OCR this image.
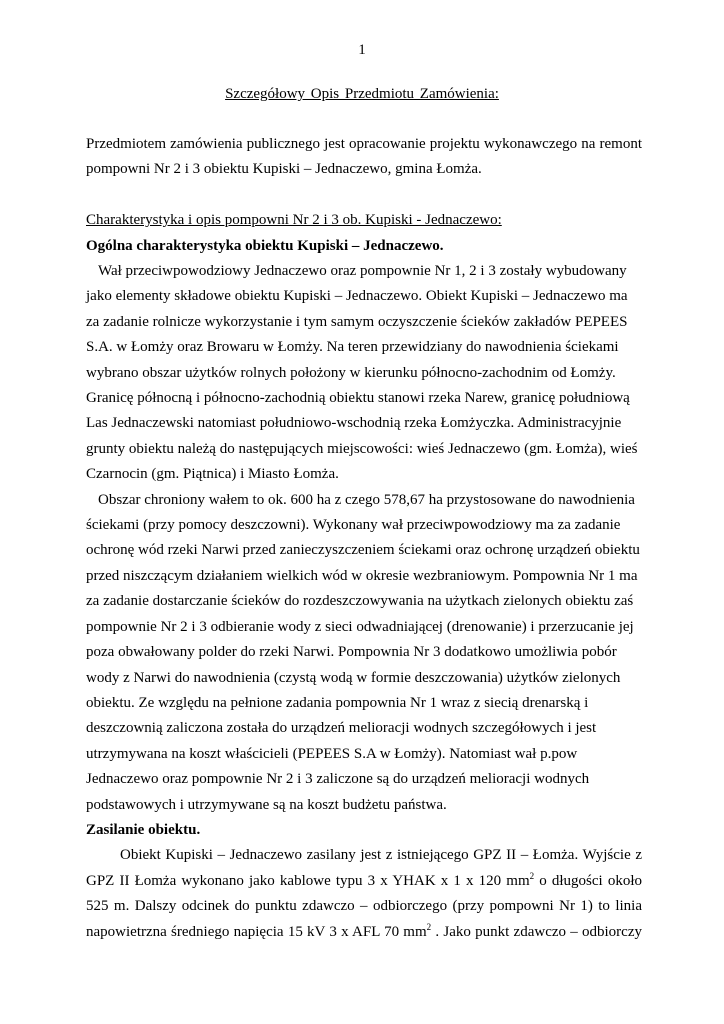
1
Szczegółowy Opis Przedmiotu Zamówienia:

Przedmiotem zamówienia publicznego jest opracowanie projektu wykonawczego na remont pompowni Nr 2 i 3 obiektu Kupiski – Jednaczewo, gmina Łomża.

Charakterystyka i opis pompowni Nr 2 i 3 ob. Kupiski - Jednaczewo:

Ogólna charakterystyka obiektu Kupiski – Jednaczewo.

Wał przeciwpowodziowy Jednaczewo oraz pompownie Nr 1, 2 i 3 zostały wybudowany jako elementy składowe obiektu Kupiski – Jednaczewo. Obiekt Kupiski – Jednaczewo ma za zadanie rolnicze wykorzystanie i tym samym oczyszczenie ścieków zakładów PEPEES S.A. w Łomży oraz Browaru w Łomży. Na teren przewidziany do nawodnienia ściekami wybrano obszar użytków rolnych położony w kierunku północno-zachodnim od Łomży. Granicę północną i północno-zachodnią obiektu stanowi rzeka Narew, granicę południową Las Jednaczewski natomiast południowo-wschodnią rzeka Łomżyczka. Administracyjnie grunty obiektu należą do następujących miejscowości: wieś Jednaczewo (gm. Łomża), wieś Czarnocin (gm. Piątnica) i Miasto Łomża.

Obszar chroniony wałem to ok. 600 ha z czego 578,67 ha przystosowane do nawodnienia ściekami (przy pomocy deszczowni). Wykonany wał przeciwpowodziowy ma za zadanie ochronę wód rzeki Narwi przed zanieczyszczeniem ściekami oraz ochronę urządzeń obiektu przed niszczącym działaniem wielkich wód w okresie wezbraniowym. Pompownia Nr 1 ma za zadanie dostarczanie ścieków do rozdeszczowywania na użytkach zielonych obiektu zaś pompownie Nr 2 i 3 odbieranie wody z sieci odwadniającej (drenowanie) i przerzucanie jej poza obwałowany polder do rzeki Narwi. Pompownia Nr 3 dodatkowo umożliwia pobór wody z Narwi do nawodnienia (czystą wodą w formie deszczowania) użytków zielonych obiektu. Ze względu na pełnione zadania pompownia Nr 1 wraz z siecią drenarską i deszczownią zaliczona została do urządzeń melioracji wodnych szczegółowych i jest utrzymywana na koszt właścicieli (PEPEES S.A w Łomży). Natomiast wał p.pow Jednaczewo oraz pompownie Nr 2 i 3 zaliczone są do urządzeń melioracji wodnych podstawowych i utrzymywane są na koszt budżetu państwa.

Zasilanie obiektu.

Obiekt Kupiski – Jednaczewo zasilany jest z istniejącego GPZ II – Łomża. Wyjście z GPZ II Łomża wykonano jako kablowe typu 3 x YHAK x 1 x 120 $mm^2$ o długości około 525 m. Dalszy odcinek do punktu zdawczo – odbiorczego (przy pompowni Nr 1) to linia napowietrzna średniego napięcia 15 kV 3 x AFL 70 $mm^2$ . Jako punkt zdawczo – odbiorczy
